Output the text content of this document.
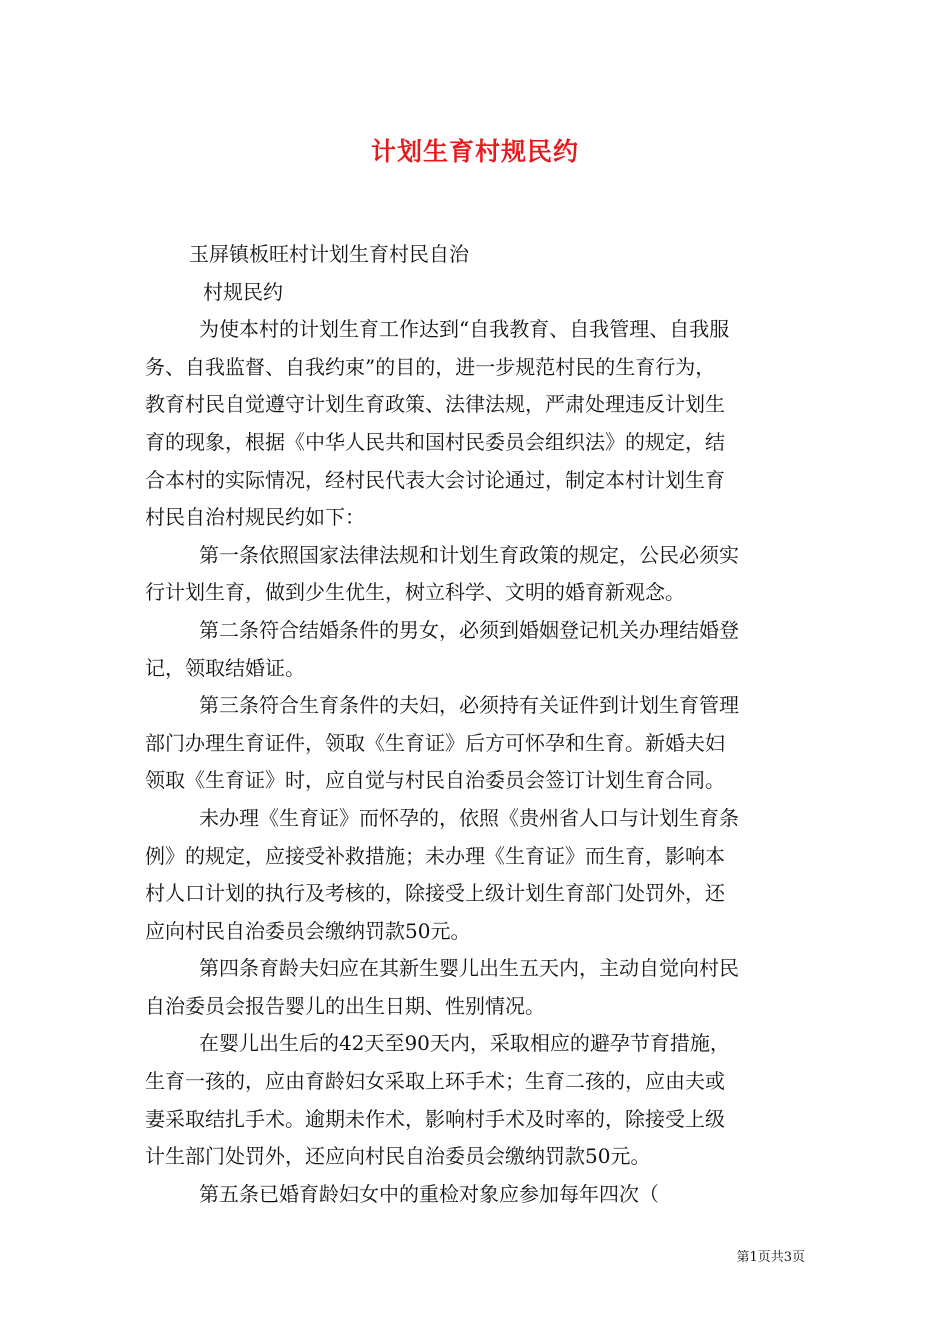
计划生育村规民约
玉屏镇板旺村计划生育村民自治
村规民约
为使本村的计划生育工作达到“自我教育、自我管理、自我服
务、自我监督、自我约束”的目的，进一步规范村民的生育行为，
教育村民自觉遵守计划生育政策、法律法规，严肃处理违反计划生
育的现象，根据《中华人民共和国村民委员会组织法》的规定，结
合本村的实际情况，经村民代表大会讨论通过，制定本村计划生育
村民自治村规民约如下：
第一条依照国家法律法规和计划生育政策的规定，公民必须实
行计划生育，做到少生优生，树立科学、文明的婚育新观念。
第二条符合结婚条件的男女，必须到婚姻登记机关办理结婚登
记，领取结婚证。
第三条符合生育条件的夫妇，必须持有关证件到计划生育管理
部门办理生育证件，领取《生育证》后方可怀孕和生育。新婚夫妇
领取《生育证》时，应自觉与村民自治委员会签订计划生育合同。
未办理《生育证》而怀孕的，依照《贵州省人口与计划生育条
例》的规定，应接受补救措施；未办理《生育证》而生育，影响本
村人口计划的执行及考核的，除接受上级计划生育部门处罚外，还
应向村民自治委员会缴纳罚款50元。
第四条育龄夫妇应在其新生婴儿出生五天内，主动自觉向村民
自治委员会报告婴儿的出生日期、性别情况。
在婴儿出生后的42天至90天内，采取相应的避孕节育措施，
生育一孩的，应由育龄妇女采取上环手术；生育二孩的，应由夫或
妻采取结扎手术。逾期未作术，影响村手术及时率的，除接受上级
计生部门处罚外，还应向村民自治委员会缴纳罚款50元。
第五条已婚育龄妇女中的重检对象应参加每年四次（
第1页共3页
